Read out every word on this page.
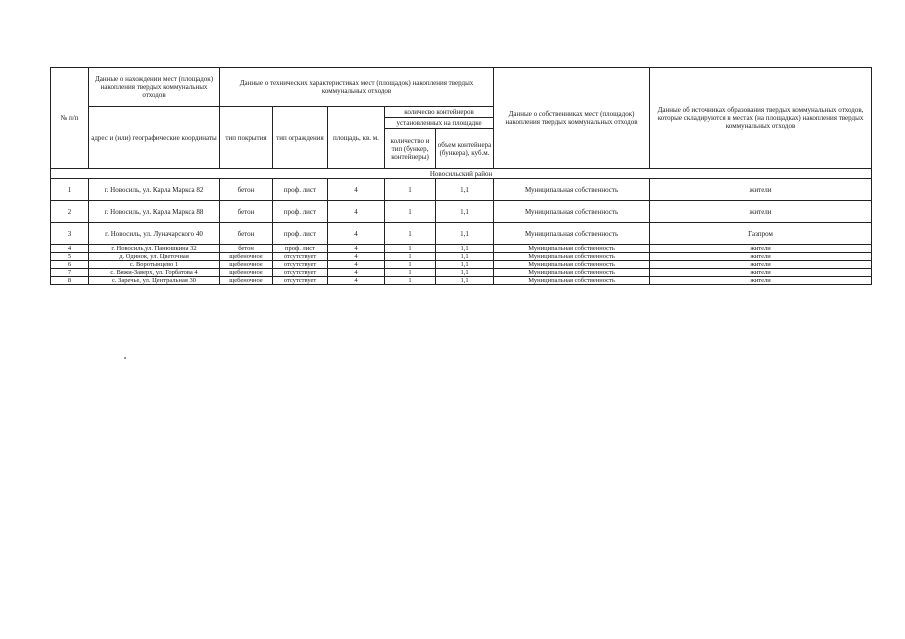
№ п/п	Данные о нахождении мест (площадок) накопления твердых коммунальных отходов	Данные о технических характеристиках мест (площадок) накопления твердых коммунальных отходов					Данные о собственниках мест (площадок) накопления твердых коммунальных отходов	Данные об источниках образования твердых коммунальных отходов, которые складируются в местах (на площадках) накопления твердых коммунальных отходов
	адрес и (или) географические координаты	тип покрытия	тип ограждения	площадь, кв. м.	количесво контейнеров			
					установленных на площадке			
					количество и тип (бункер, контейнеры)	объем контейнера (бункера), куб.м.		
Новосильский район								
1	г. Новосиль, ул. Карла Маркса 82	бетон	проф. лист	4	1	1,1	Муниципальная собственность	жители
2	г. Новосиль, ул. Карла Маркса 88	бетон	проф. лист	4	1	1,1	Муниципальная собственность	жители
3	г. Новосиль, ул. Луначарского 40	бетон	проф. лист	4	1	1,1	Муниципальная собственность	Газпром
4	г. Новосиль,ул. Панюшкина 32	бетон	проф. лист	4	1	1,1	Муниципальная собственность	жители
5	д. Одинок, ул. Цветочная	щебеночное	отсутствует	4	1	1,1	Муниципальная собственность	жители
6	с. Воротынцево 1	щебеночное	отсутствует	4	1	1,1	Муниципальная собственность	жители
7	с. Вяжи-Заверх, ул. Горбатова 4	щебеночное	отсутствует	4	1	1,1	Муниципальная собственность	жители
8	с. Заречье, ул. Центральная 30	щебеночное	отсутствует	4	1	1,1	Муниципальная собственность	жители
